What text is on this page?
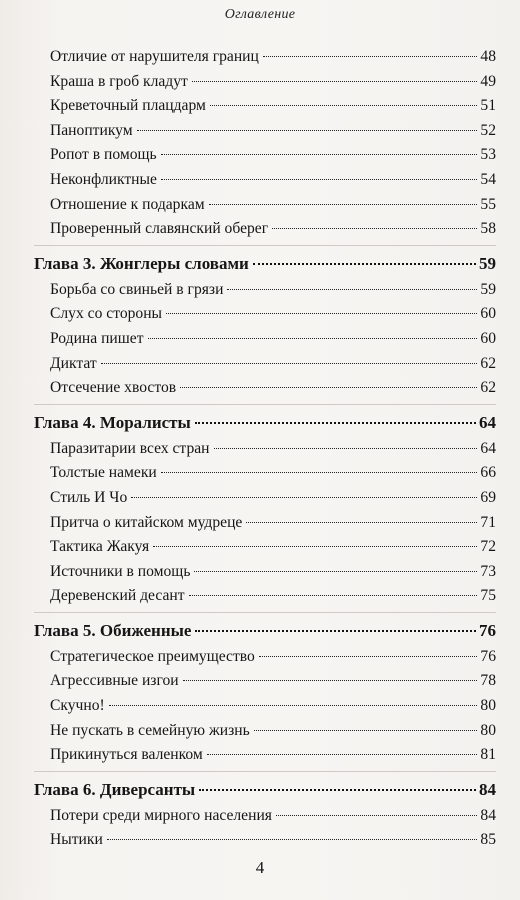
Оглавление
Отличие от нарушителя границ	48
Краша в гроб кладут	49
Креветочный плацдарм	51
Паноптикум	52
Ропот в помощь	53
Неконфликтные	54
Отношение к подаркам	55
Проверенный славянский оберег	58
Глава 3. Жонглеры словами	59
Борьба со свиньей в грязи	59
Слух со стороны	60
Родина пишет	60
Диктат	62
Отсечение хвостов	62
Глава 4. Моралисты	64
Паразитарии всех стран	64
Толстые намеки	66
Стиль И Чо	69
Притча о китайском мудреце	71
Тактика Жакуя	72
Источники в помощь	73
Деревенский десант	75
Глава 5. Обиженные	76
Стратегическое преимущество	76
Агрессивные изгои	78
Скучно!	80
Не пускать в семейную жизнь	80
Прикинуться валенком	81
Глава 6. Диверсанты	84
Потери среди мирного населения	84
Нытики	85
4
